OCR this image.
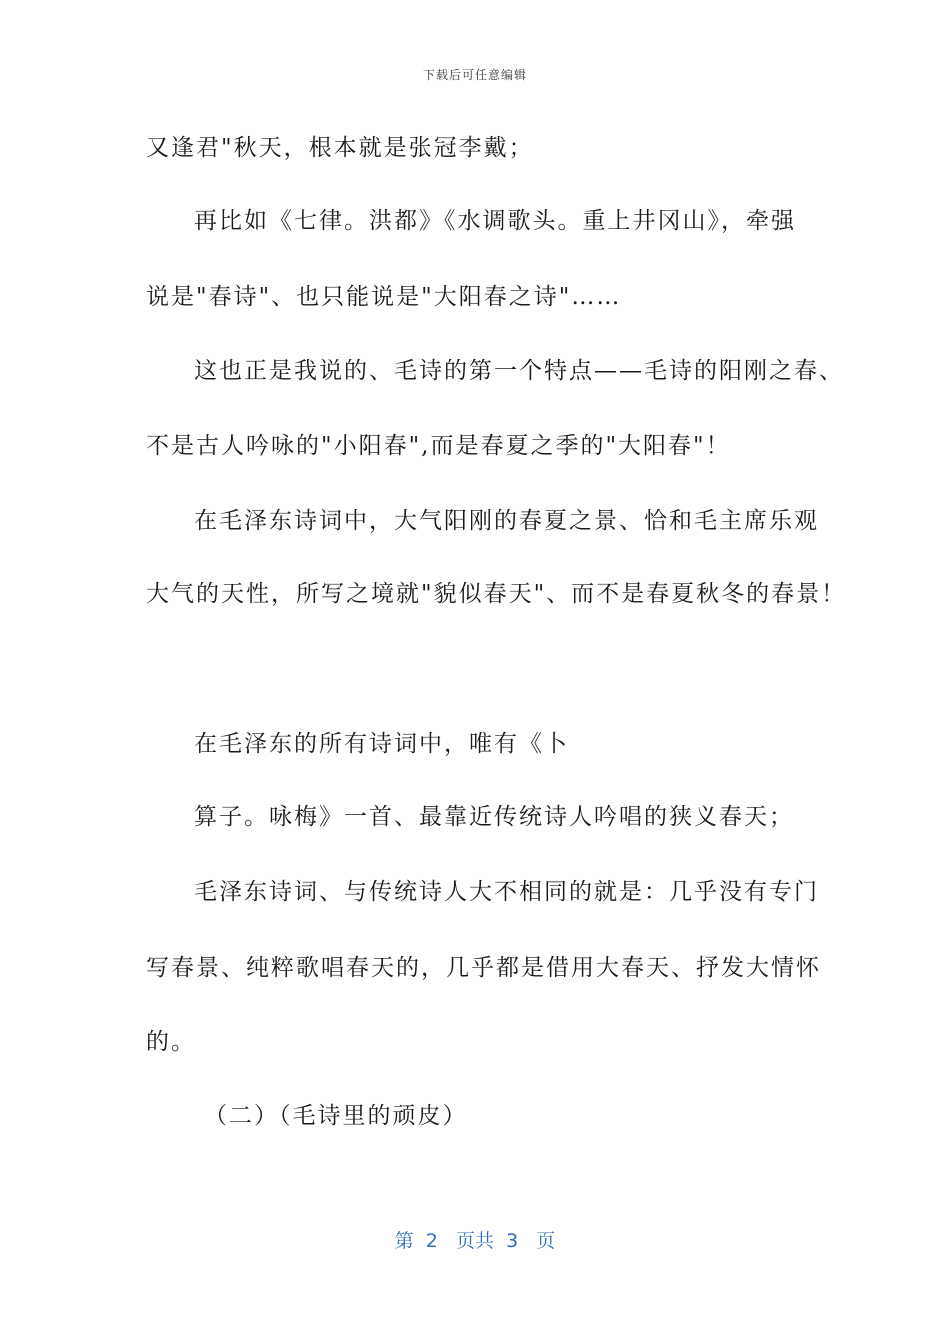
下载后可任意编辑
又逢君"秋天，根本就是张冠李戴；
再比如《七律。洪都》《水调歌头。重上井冈山》，牵强
说是"春诗"、也只能说是"大阳春之诗"……
这也正是我说的、毛诗的第一个特点——毛诗的阳刚之春、
不是古人吟咏的"小阳春",而是春夏之季的"大阳春"！
在毛泽东诗词中，大气阳刚的春夏之景、恰和毛主席乐观
大气的天性，所写之境就"貌似春天"、而不是春夏秋冬的春景！
在毛泽东的所有诗词中，唯有《卜
算子。咏梅》一首、最靠近传统诗人吟唱的狭义春天；
毛泽东诗词、与传统诗人大不相同的就是：几乎没有专门
写春景、纯粹歌唱春天的，几乎都是借用大春天、抒发大情怀
的。
（二）（毛诗里的顽皮）
第  2   页共  3   页
